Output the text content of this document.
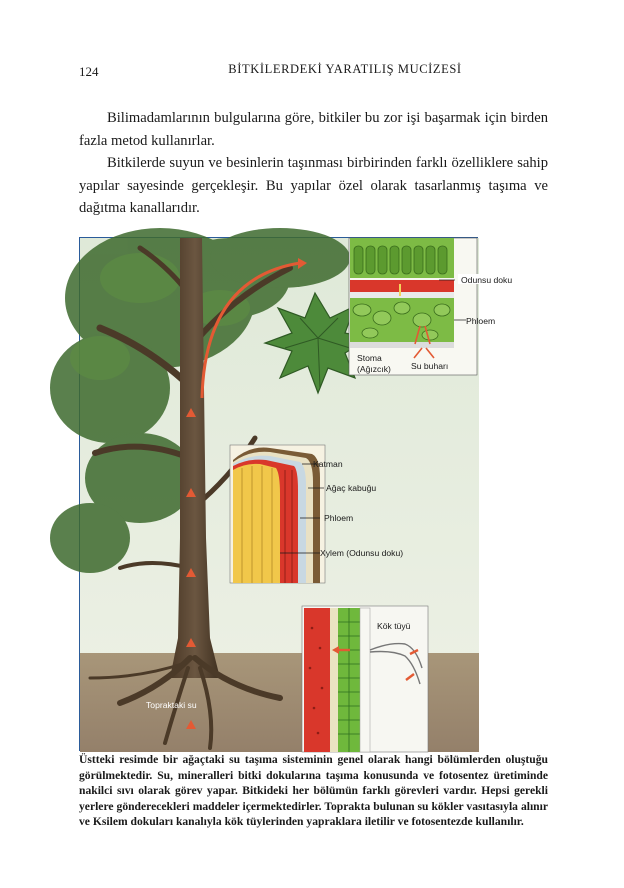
124	BİTKİLERDEKİ YARATILIŞ MUCİZESİ

Bilimadamlarının bulgularına göre, bitkiler bu zor işi başarmak için birden fazla metod kullanırlar.

Bitkilerde suyun ve besinlerin taşınması birbirinden farklı özelliklere sahip yapılar sayesinde gerçekleşir. Bu yapılar özel olarak tasarlanmış taşıma ve dağıtma kanallarıdır.

Odunsu doku
Phloem
Stoma
(Ağızcık) Su buharı
Katman
Ağaç kabuğu
Phloem
Xylem (Odunsu doku)
Kök tüyü
Topraktaki su

Üstteki resimde bir ağaçtaki su taşıma sisteminin genel olarak hangi bölümlerden oluştuğu görülmektedir. Su, mineralleri bitki dokularına taşıma konusunda ve fotosentez üretiminde nakilci sıvı olarak görev yapar. Bitkideki her bölümün farklı görevleri vardır. Hepsi gerekli yerlere gönderecekleri maddeler içermektedirler. Toprakta bulunan su kökler vasıtasıyla alınır ve Ksilem dokuları kanalıyla kök tüylerinden yapraklara iletilir ve fotosentezde kullanılır.
